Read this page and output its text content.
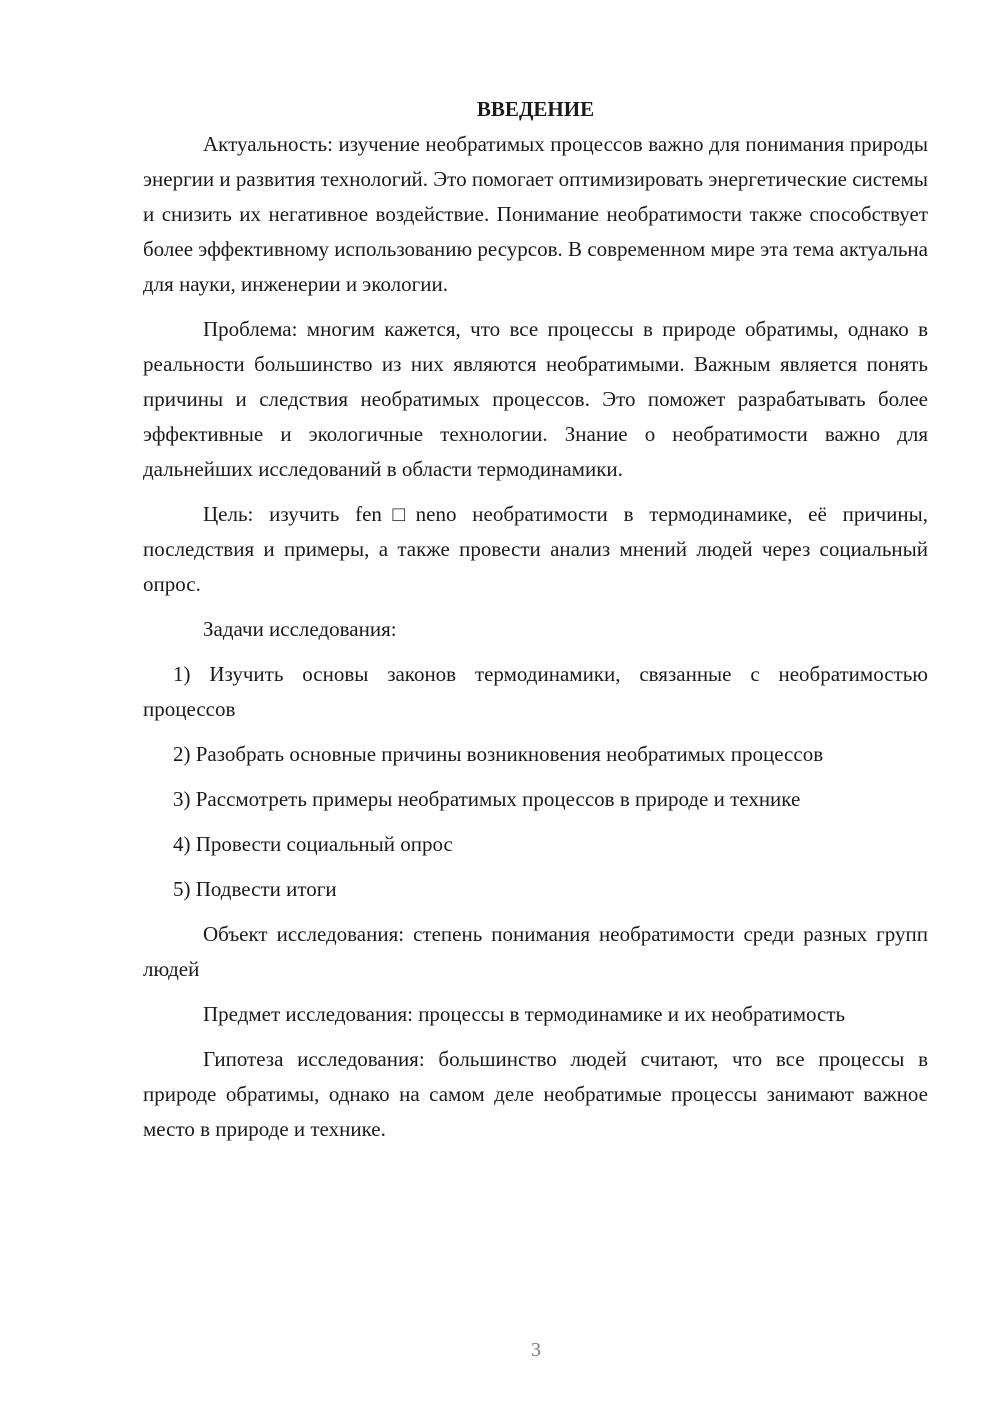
ВВЕДЕНИЕ

Актуальность: изучение необратимых процессов важно для понимания природы энергии и развития технологий. Это помогает оптимизировать энергетические системы и снизить их негативное воздействие. Понимание необратимости также способствует более эффективному использованию ресурсов. В современном мире эта тема актуальна для науки, инженерии и экологии.

Проблема: многим кажется, что все процессы в природе обратимы, однако в реальности большинство из них являются необратимыми. Важным является понять причины и следствия необратимых процессов. Это поможет разрабатывать более эффективные и экологичные технологии. Знание о необратимости важно для дальнейших исследований в области термодинамики.

Цель: изучить fen□neno необратимости в термодинамике, её причины, последствия и примеры, а также провести анализ мнений людей через социальный опрос.

Задачи исследования:

1) Изучить основы законов термодинамики, связанные с необратимостью процессов

2) Разобрать основные причины возникновения необратимых процессов

3) Рассмотреть примеры необратимых процессов в природе и технике

4) Провести социальный опрос

5) Подвести итоги

Объект исследования: степень понимания необратимости среди разных групп людей

Предмет исследования: процессы в термодинамике и их необратимость

Гипотеза исследования: большинство людей считают, что все процессы в природе обратимы, однако на самом деле необратимые процессы занимают важное место в природе и технике.

3
